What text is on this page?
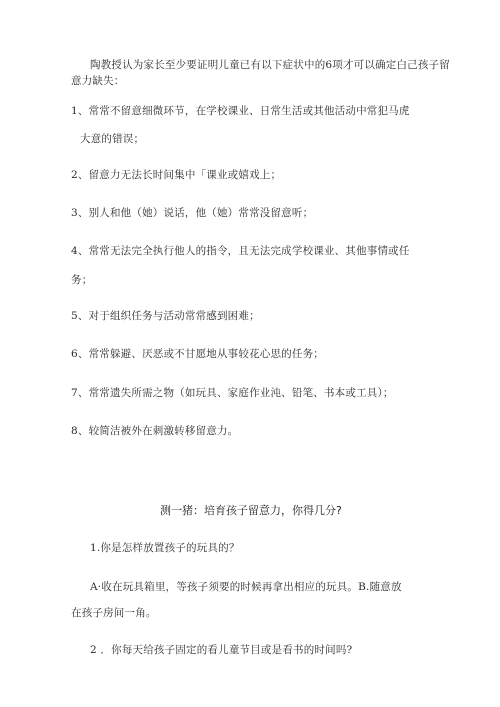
陶教授认为家长至少要证明儿童已有以下症状中的6项才可以确定白己孩子留

意力缺失：

1、常常不留意细微环节，在学校课业、日常生活或其他活动中常犯马虎

大意的错误；

2、留意力无法长时间集中「课业或嬉戏上；

3、别人和他（她）说话，他（她）常常没留意听；

4、常常无法完全执行他人的指令，且无法完成学校课业、其他事情或任

务；

5、对于组织任务与活动常常感到困难；

6、常常躲避、厌恶或不甘愿地从事较花心思的任务；

7、常常遗失所需之物（如玩具、家庭作业沌、铅笔、书本或工具）；

8、较简洁被外在刺激转移留意力。

测一猪：培育孩子留意力，你得几分?

1.你是怎样放置孩子的玩具的？

A·收在玩具箱里，等孩子须要的时候再拿出相应的玩具。B.随意放

在孩子房间一角。

2 ．你每天给孩子固定的看儿童节目或是看书的时间吗?
